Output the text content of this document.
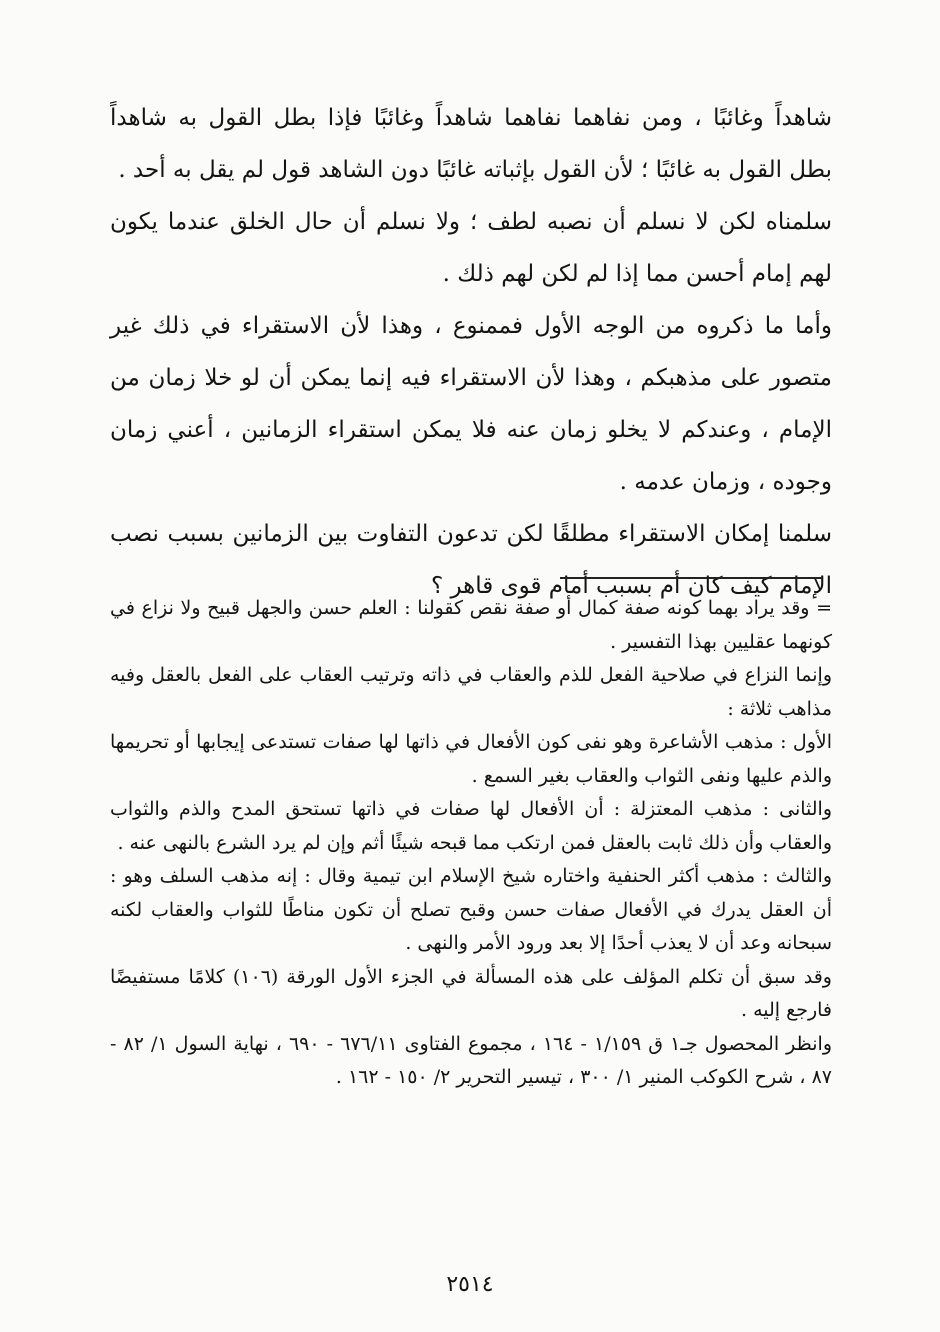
شاهداً وغائبًا ، ومن نفاهما نفاهما شاهداً وغائبًا فإذا بطل القول به شاهداً بطل القول به غائبًا ؛ لأن القول بإثباته غائبًا دون الشاهد قول لم يقل به أحد .

سلمناه لكن لا نسلم أن نصبه لطف ؛ ولا نسلم أن حال الخلق عندما يكون لهم إمام أحسن مما إذا لم لكن لهم ذلك .

وأما ما ذكروه من الوجه الأول فممنوع ، وهذا لأن الاستقراء في ذلك غير متصور على مذهبكم ، وهذا لأن الاستقراء فيه إنما يمكن أن لو خلا زمان من الإمام ، وعندكم لا يخلو زمان عنه فلا يمكن استقراء الزمانين ، أعني زمان وجوده ، وزمان عدمه .

سلمنا إمكان الاستقراء مطلقًا لكن تدعون التفاوت بين الزمانين بسبب نصب الإمام كيف كان أم بسبب أمام قوى قاهر ؟

= وقد يراد بهما كونه صفة كمال أو صفة نقص كقولنا : العلم حسن والجهل قبيح ولا نزاع في كونهما عقليين بهذا التفسير .

وإنما النزاع في صلاحية الفعل للذم والعقاب في ذاته وترتيب العقاب على الفعل بالعقل وفيه مذاهب ثلاثة :

الأول : مذهب الأشاعرة وهو نفى كون الأفعال في ذاتها لها صفات تستدعى إيجابها أو تحريمها والذم عليها ونفى الثواب والعقاب بغير السمع .

والثانى : مذهب المعتزلة : أن الأفعال لها صفات في ذاتها تستحق المدح والذم والثواب والعقاب وأن ذلك ثابت بالعقل فمن ارتكب مما قبحه شيئًا أثم وإن لم يرد الشرع بالنهى عنه .

والثالث : مذهب أكثر الحنفية واختاره شيخ الإسلام ابن تيمية وقال : إنه مذهب السلف وهو : أن العقل يدرك في الأفعال صفات حسن وقبح تصلح أن تكون مناطًا للثواب والعقاب لكنه سبحانه وعد أن لا يعذب أحدًا إلا بعد ورود الأمر والنهى .

وقد سبق أن تكلم المؤلف على هذه المسألة في الجزء الأول الورقة (١٠٦) كلامًا مستفيضًا فارجع إليه .

وانظر المحصول جـ١ ق ١/١٥٩ - ١٦٤ ، مجموع الفتاوى ٦٧٦/١١ - ٦٩٠ ، نهاية السول ١/ ٨٢ - ٨٧ ، شرح الكوكب المنير ١/ ٣٠٠ ، تيسير التحرير ٢/ ١٥٠ - ١٦٢ .

٢٥١٤
